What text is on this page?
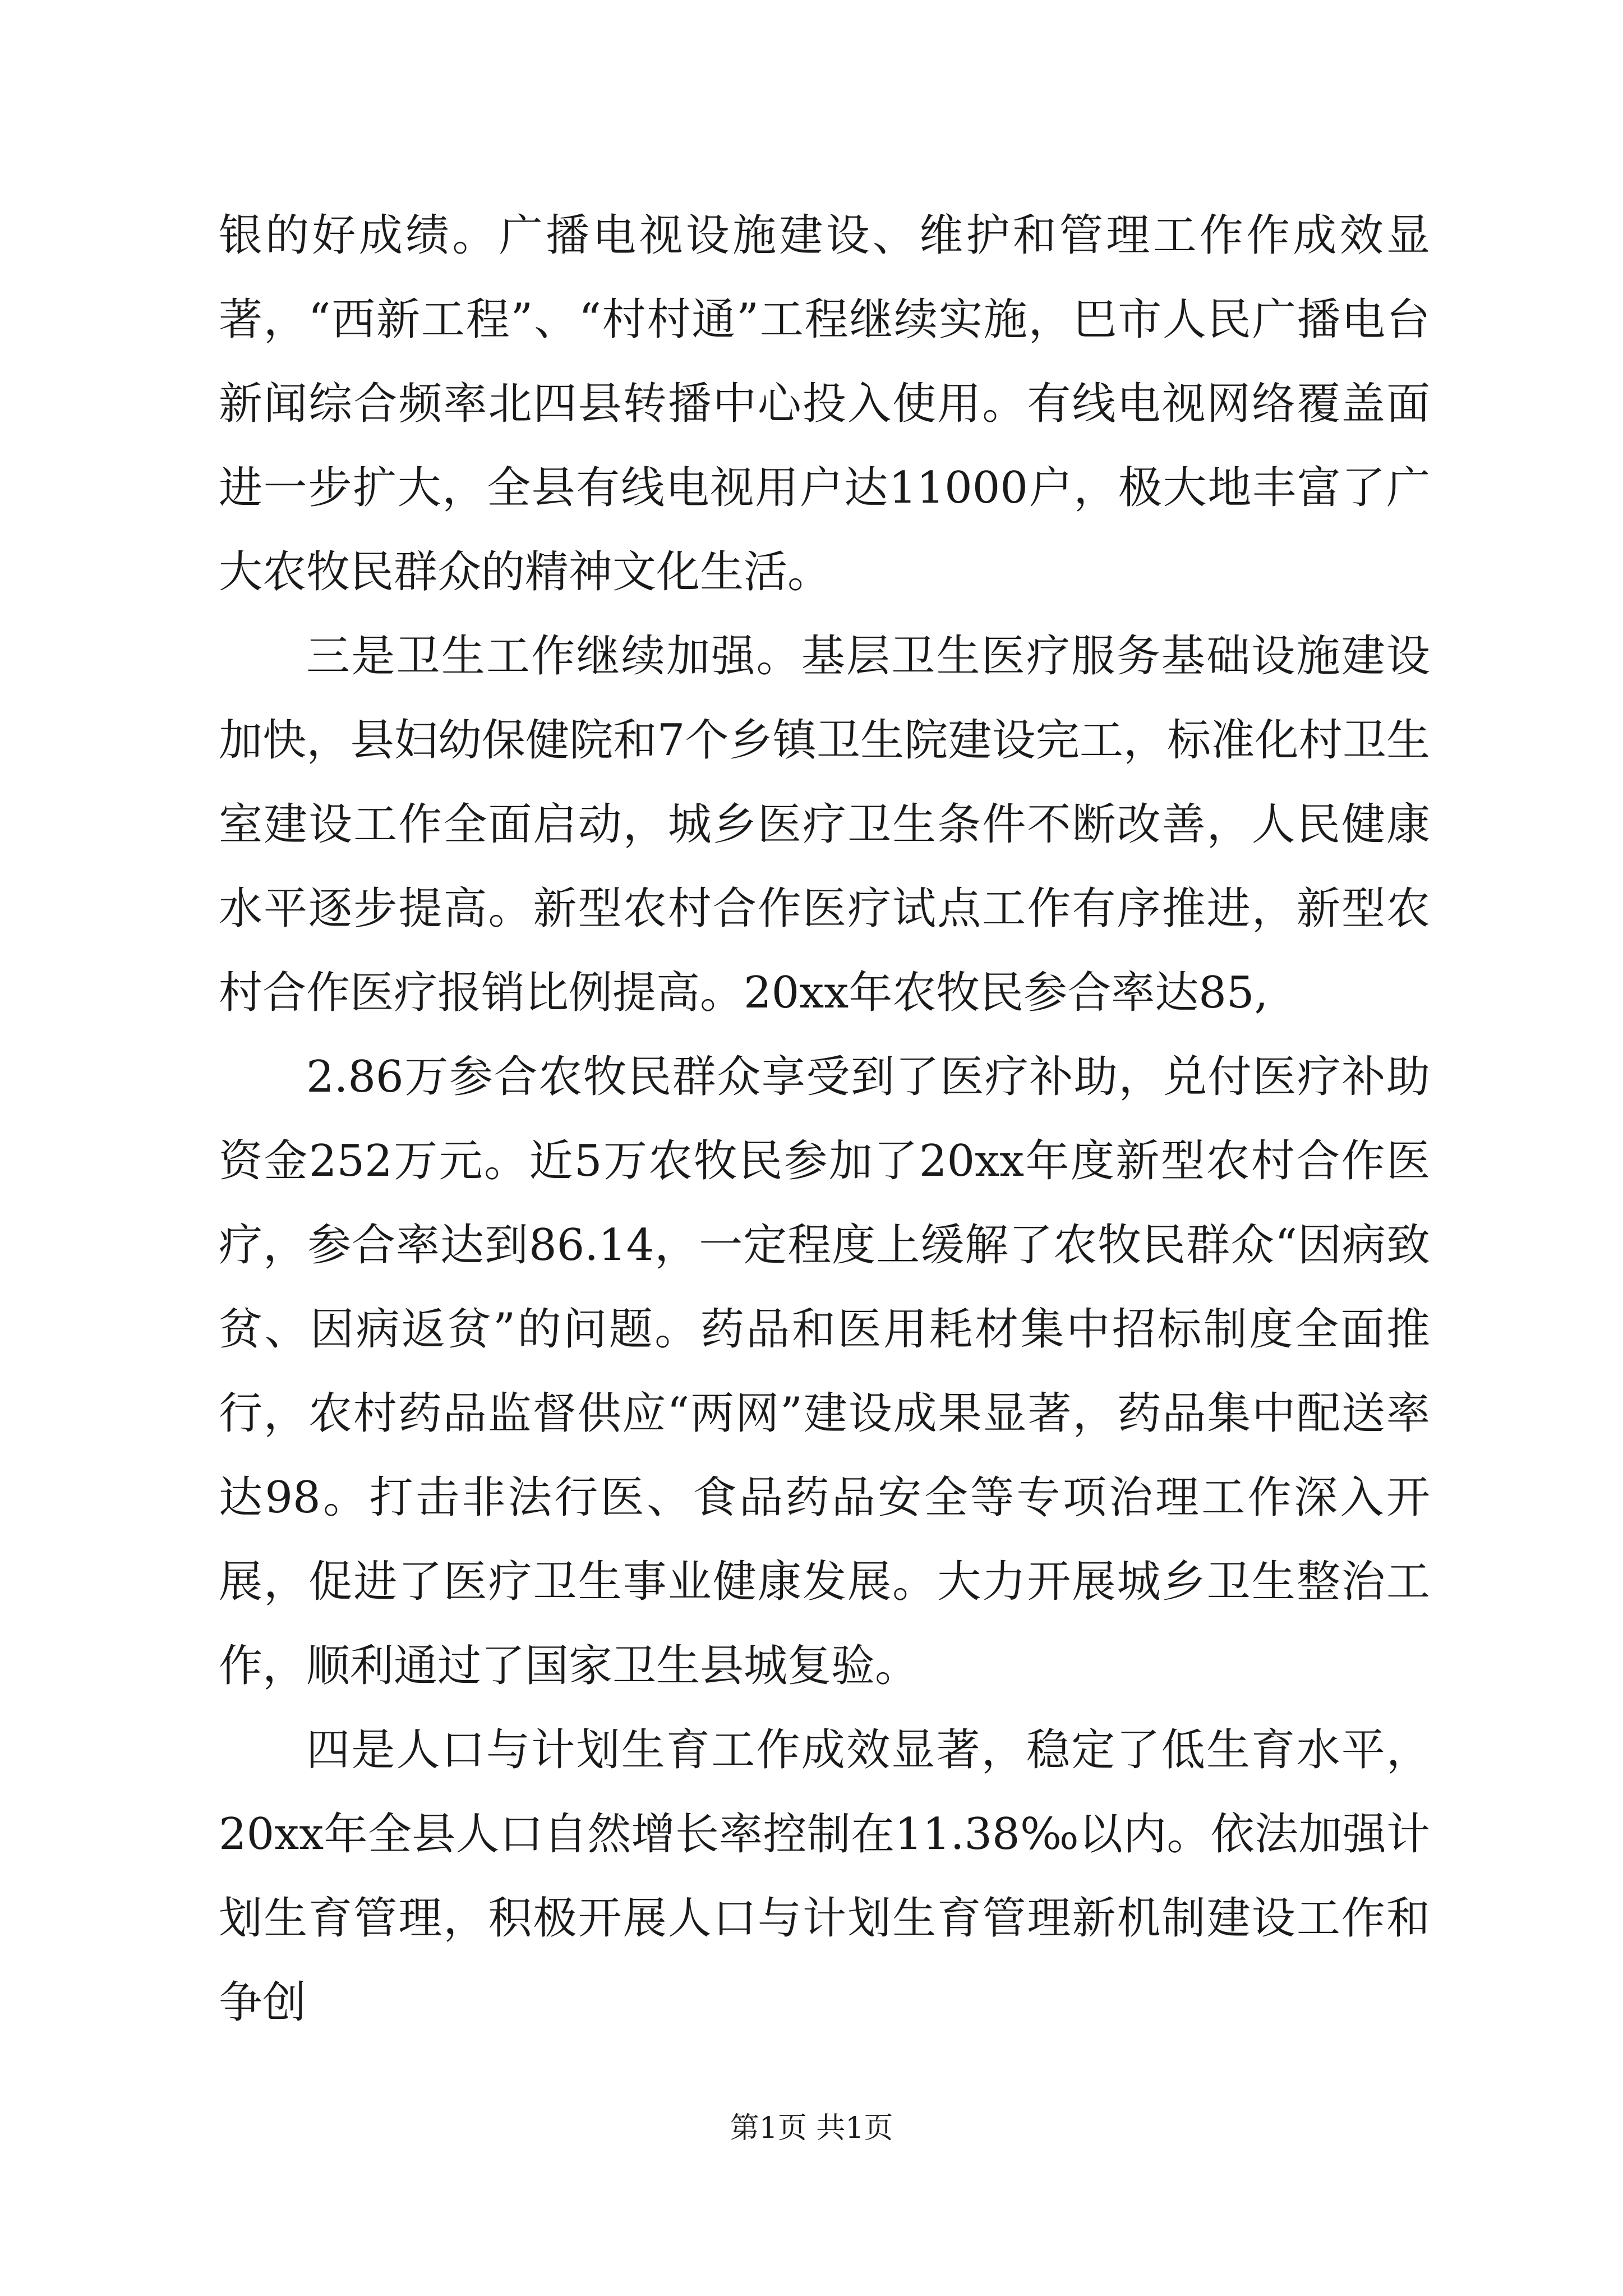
银的好成绩。广播电视设施建设、维护和管理工作作成效显著，“西新工程”、“村村通”工程继续实施，巴市人民广播电台新闻综合频率北四县转播中心投入使用。有线电视网络覆盖面进一步扩大，全县有线电视用户达11000户，极大地丰富了广大农牧民群众的精神文化生活。

三是卫生工作继续加强。基层卫生医疗服务基础设施建设加快，县妇幼保健院和7个乡镇卫生院建设完工，标准化村卫生室建设工作全面启动，城乡医疗卫生条件不断改善，人民健康水平逐步提高。新型农村合作医疗试点工作有序推进，新型农村合作医疗报销比例提高。20xx年农牧民参合率达85,

2.86万参合农牧民群众享受到了医疗补助，兑付医疗补助资金252万元。近5万农牧民参加了20xx年度新型农村合作医疗，参合率达到86.14，一定程度上缓解了农牧民群众“因病致贫、因病返贫”的问题。药品和医用耗材集中招标制度全面推行，农村药品监督供应“两网”建设成果显著，药品集中配送率达98。打击非法行医、食品药品安全等专项治理工作深入开展，促进了医疗卫生事业健康发展。大力开展城乡卫生整治工作，顺利通过了国家卫生县城复验。

四是人口与计划生育工作成效显著，稳定了低生育水平，20xx年全县人口自然增长率控制在11.38‰以内。依法加强计划生育管理，积极开展人口与计划生育管理新机制建设工作和争创

第1页 共1页
